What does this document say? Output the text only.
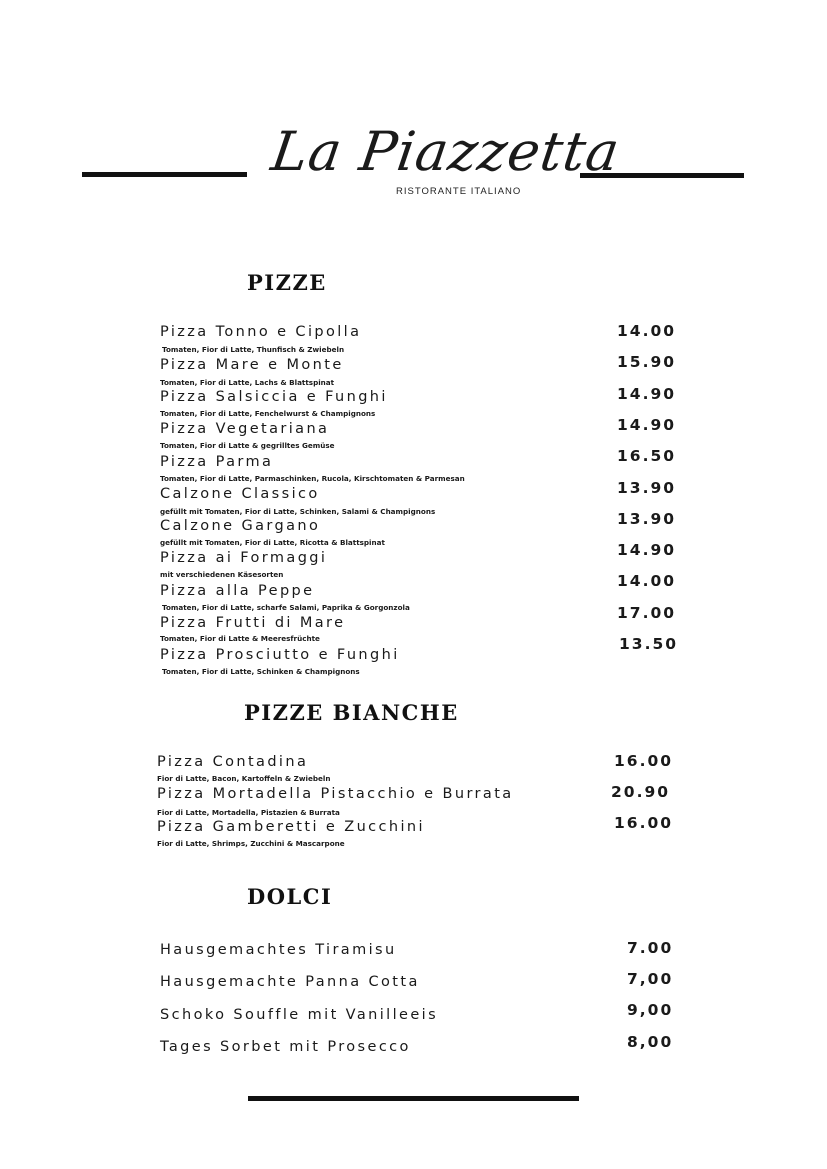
La Piazzetta
RISTORANTE ITALIANO
PIZZE
Pizza Tonno e Cipolla
Tomaten, Fior di Latte, Thunfisch & Zwiebeln
14.00
Pizza Mare e Monte
Tomaten, Fior di Latte, Lachs & Blattspinat
15.90
Pizza Salsiccia e Funghi
Tomaten, Fior di Latte, Fenchelwurst & Champignons
14.90
Pizza Vegetariana
Tomaten, Fior di Latte & gegrilltes Gemüse
14.90
Pizza Parma
Tomaten, Fior di Latte, Parmaschinken, Rucola, Kirschtomaten & Parmesan
16.50
Calzone Classico
gefüllt mit Tomaten, Fior di Latte, Schinken, Salami & Champignons
13.90
Calzone Gargano
gefüllt mit Tomaten, Fior di Latte, Ricotta & Blattspinat
13.90
Pizza ai Formaggi
mit verschiedenen Käsesorten
14.90
Pizza alla Peppe
Tomaten, Fior di Latte, scharfe Salami, Paprika & Gorgonzola
14.00
Pizza Frutti di Mare
Tomaten, Fior di Latte & Meeresfrüchte
17.00
Pizza Prosciutto e Funghi
Tomaten, Fior di Latte, Schinken & Champignons
13.50
PIZZE BIANCHE
Pizza Contadina
Fior di Latte, Bacon, Kartoffeln & Zwiebeln
16.00
Pizza Mortadella Pistacchio e Burrata
Fior di Latte, Mortadella, Pistazien & Burrata
20.90
Pizza Gamberetti e Zucchini
Fior di Latte, Shrimps, Zucchini & Mascarpone
16.00
DOLCI
Hausgemachtes Tiramisu	7.00
Hausgemachte Panna Cotta	7,00
Schoko Souffle mit Vanilleeis	9,00
Tages Sorbet mit Prosecco	8,00
